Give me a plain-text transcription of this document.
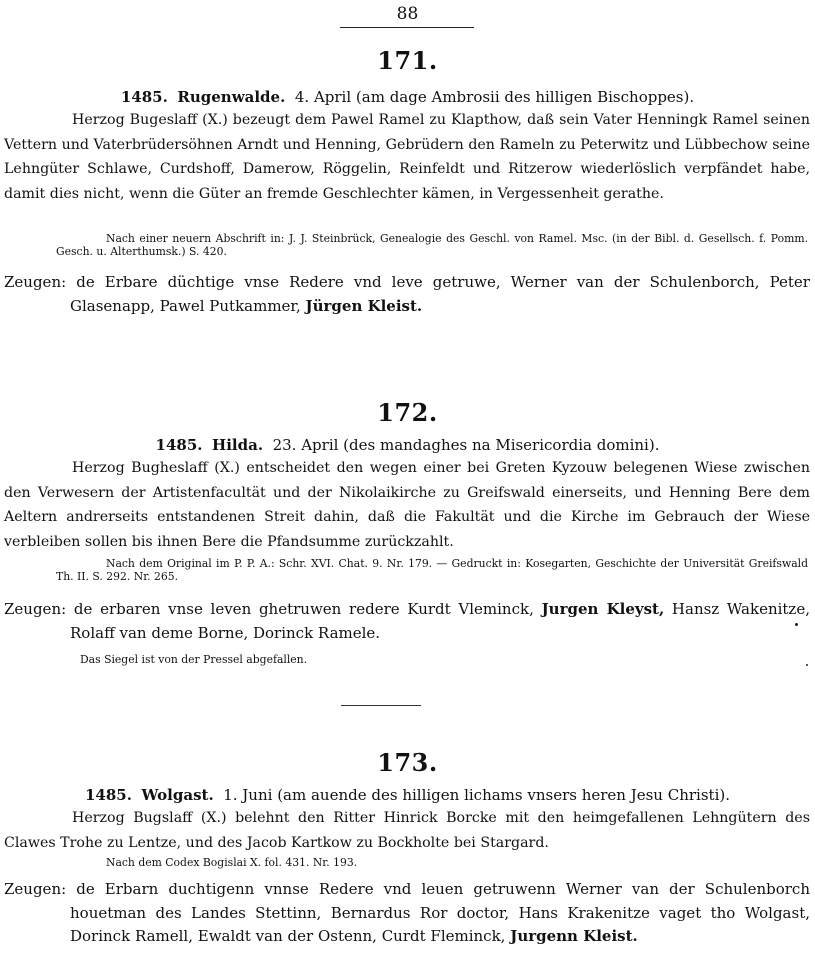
88
171.
1485. Rugenwalde. 4. April (am dage Ambrosii des hilligen Bischoppes).
Herzog Bugeslaff (X.) bezeugt dem Pawel Ramel zu Klapthow, daß sein Vater Henningk Ramel seinen Vettern und Vaterbrüdersöhnen Arndt und Henning, Gebrüdern den Rameln zu Peterwitz und Lübbechow seine Lehngüter Schlawe, Curdshoff, Damerow, Röggelin, Reinfeldt und Ritzerow wiederlöslich verpfändet habe, damit dies nicht, wenn die Güter an fremde Geschlechter kämen, in Vergessenheit gerathe.
Nach einer neuern Abschrift in: J. J. Steinbrück, Genealogie des Geschl. von Ramel. Msc. (in der Bibl. d. Gesellsch. f. Pomm. Gesch. u. Alterthumsk.) S. 420.
Zeugen: de Erbare düchtige vnse Redere vnd leve getruwe, Werner van der Schulenborch, Peter Glasenapp, Pawel Putkammer, Jürgen Kleist.
172.
1485. Hilda. 23. April (des mandaghes na Misericordia domini).
Herzog Bugheslaff (X.) entscheidet den wegen einer bei Greten Kyzouw belegenen Wiese zwischen den Verwesern der Artistenfacultät und der Nikolaikirche zu Greifswald einerseits, und Henning Bere dem Aeltern andrerseits entstandenen Streit dahin, daß die Fakultät und die Kirche im Gebrauch der Wiese verbleiben sollen bis ihnen Bere die Pfandsumme zurückzahlt.
Nach dem Original im P. P. A.: Schr. XVI. Chat. 9. Nr. 179. — Gedruckt in: Kosegarten, Geschichte der Universität Greifswald Th. II. S. 292. Nr. 265.
Zeugen: de erbaren vnse leven ghetruwen redere Kurdt Vleminck, Jurgen Kleyst, Hansz Wakenitze, Rolaff van deme Borne, Dorinck Ramele.
Das Siegel ist von der Pressel abgefallen.
173.
1485. Wolgast. 1. Juni (am auende des hilligen lichams vnsers heren Jesu Christi).
Herzog Bugslaff (X.) belehnt den Ritter Hinrick Borcke mit den heimgefallenen Lehngütern des Clawes Trohe zu Lentze, und des Jacob Kartkow zu Bockholte bei Stargard.
Nach dem Codex Bogislai X. fol. 431. Nr. 193.
Zeugen: de Erbarn duchtigenn vnnse Redere vnd leuen getruwenn Werner van der Schulenborch houetman des Landes Stettinn, Bernardus Ror doctor, Hans Krakenitze vaget tho Wolgast, Dorinck Ramell, Ewaldt van der Ostenn, Curdt Fleminck, Jurgenn Kleist.
